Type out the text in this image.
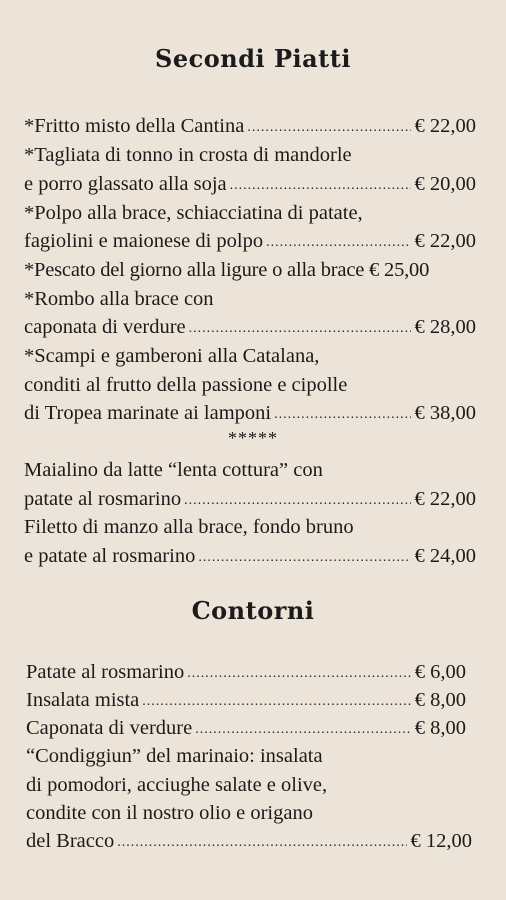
Secondi Piatti
*Fritto misto della Cantina .....	€ 22,00
*Tagliata di tonno in crosta di mandorle
e porro glassato alla soja .....	€ 20,00
*Polpo alla brace, schiacciatina di patate,
fagiolini e maionese di polpo .....	€ 22,00
*Pescato del giorno alla ligure o alla brace € 25,00
*Rombo alla brace con
caponata di verdure .....	€ 28,00
*Scampi e gamberoni alla Catalana,
conditi al frutto della passione e cipolle
di Tropea marinate ai lamponi .....	€ 38,00
*****
Maialino da latte “lenta cottura” con
patate al rosmarino .....	€ 22,00
Filetto di manzo alla brace, fondo bruno
e patate al rosmarino .....	€ 24,00
Contorni
Patate al rosmarino .....	€ 6,00
Insalata mista .....	€ 8,00
Caponata di verdure .....	€ 8,00
“Condiggiun” del marinaio: insalata
di pomodori, acciughe salate e olive,
condite con il nostro olio e origano
del Bracco .....	€ 12,00
